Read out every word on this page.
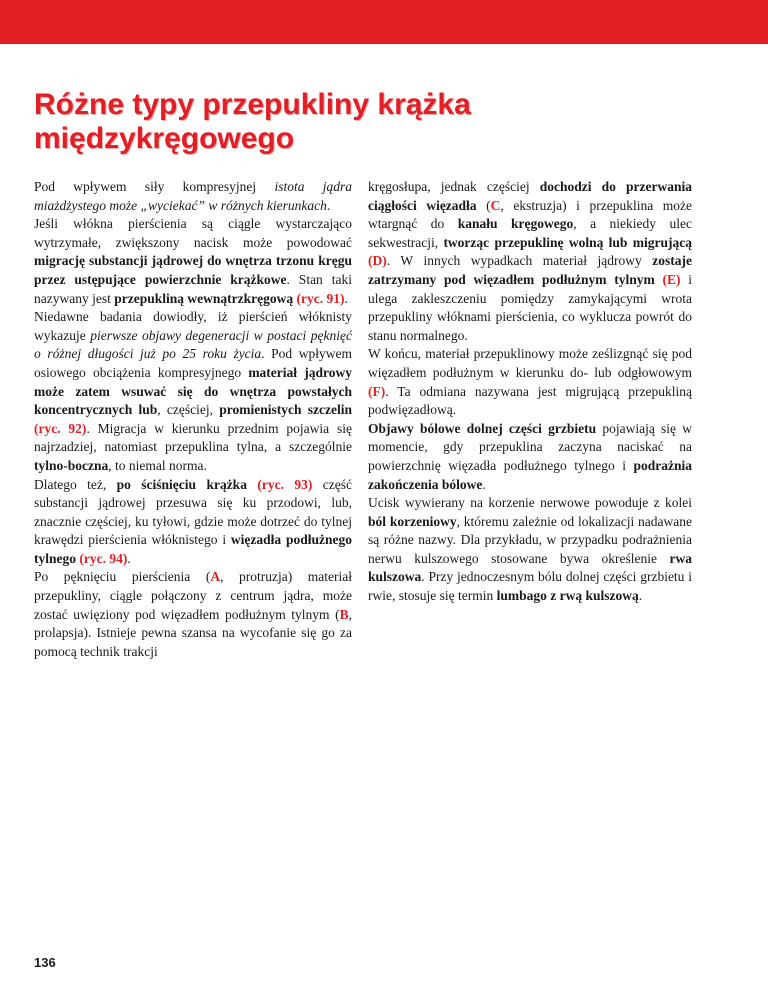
Różne typy przepukliny krążka
międzykręgowego

Pod wpływem siły kompresyjnej istota jądra miażdżystego może „wyciekać” w różnych kierunkach.

Jeśli włókna pierścienia są ciągle wystarczająco wytrzymałe, zwiększony nacisk może powodować migrację substancji jądrowej do wnętrza trzonu kręgu przez ustępujące powierzchnie krążkowe. Stan taki nazywany jest przepukliną wewnątrzkręgową (ryc. 91).

Niedawne badania dowiodły, iż pierścień włóknisty wykazuje pierwsze objawy degeneracji w postaci pęknięć o różnej długości już po 25 roku życia. Pod wpływem osiowego obciążenia kompresyjnego materiał jądrowy może zatem wsuwać się do wnętrza powstałych koncentrycznych lub, częściej, promienistych szczelin (ryc. 92). Migracja w kierunku przednim pojawia się najrzadziej, natomiast przepuklina tylna, a szczególnie tylno-boczna, to niemal norma.

Dlatego też, po ściśnięciu krążka (ryc. 93) część substancji jądrowej przesuwa się ku przodowi, lub, znacznie częściej, ku tyłowi, gdzie może dotrzeć do tylnej krawędzi pierścienia włóknistego i więzadła podłużnego tylnego (ryc. 94).

Po pęknięciu pierścienia (A, protruzja) materiał przepukliny, ciągle połączony z centrum jądra, może zostać uwięziony pod więzadłem podłużnym tylnym (B, prolapsja). Istnieje pewna szansa na wycofanie się go za pomocą technik trakcji

kręgosłupa, jednak częściej dochodzi do przerwania ciągłości więzadła (C, ekstruzja) i przepuklina może wtargnąć do kanału kręgowego, a niekiedy ulec sekwestracji, tworząc przepuklinę wolną lub migrującą (D). W innych wypadkach materiał jądrowy zostaje zatrzymany pod więzadłem podłużnym tylnym (E) i ulega zakleszczeniu pomiędzy zamykającymi wrota przepukliny włóknami pierścienia, co wyklucza powrót do stanu normalnego.

W końcu, materiał przepuklinowy może ześlizgnąć się pod więzadłem podłużnym w kierunku do- lub odgłowowym (F). Ta odmiana nazywana jest migrującą przepukliną podwięzadłową.

Objawy bólowe dolnej części grzbietu pojawiają się w momencie, gdy przepuklina zaczyna naciskać na powierzchnię więzadła podłużnego tylnego i podrażnia zakończenia bólowe.

Ucisk wywierany na korzenie nerwowe powoduje z kolei ból korzeniowy, któremu zależnie od lokalizacji nadawane są różne nazwy. Dla przykładu, w przypadku podrażnienia nerwu kulszowego stosowane bywa określenie rwa kulszowa. Przy jednoczesnym bólu dolnej części grzbietu i rwie, stosuje się termin lumbago z rwą kulszową.

136
